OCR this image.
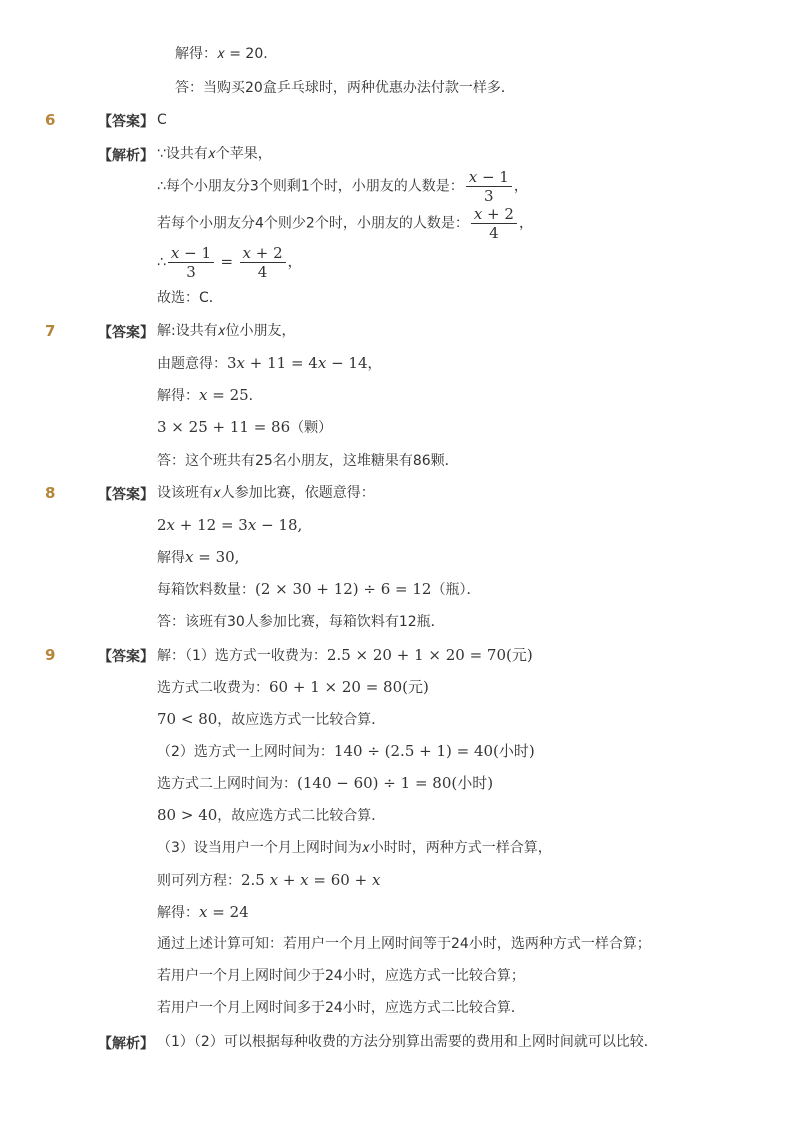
解得：𝑥 = 20.
答：当购买20盒乒乓球时，两种优惠办法付款一样多．
6	【答案】 C
【解析】 ∵设共有𝑥个苹果，
∴每个小朋友分3个则剩1个时，小朋友的人数是： $\frac{\text{𝑥 − 1}}{3}$ ，
若每个小朋友分4个则少2个时，小朋友的人数是： $\frac{\text{𝑥 + 2}}{4}$ ，
∴ $\frac{\text{𝑥 − 1}}{3} = \frac{\text{𝑥 + 2}}{4}$ ，
故选：C．
7	【答案】 解:设共有𝑥位小朋友，
由题意得：3𝑥 + 11 = 4𝑥 − 14，
解得：𝑥 = 25．
3 × 25 + 11 = 86（颗）
答：这个班共有25名小朋友，这堆糖果有86颗．
8	【答案】 设该班有𝑥人参加比赛，依题意得：
2𝑥 + 12 = 3𝑥 − 18,
解得𝑥 = 30,
每箱饮料数量：(2 × 30 + 12) ÷ 6 = 12（瓶）．
答：该班有30人参加比赛，每箱饮料有12瓶．
9	【答案】 解：（1）选方式一收费为：2.5 × 20 + 1 × 20 = 70(元)
选方式二收费为：60 + 1 × 20 = 80(元)
70 < 80，故应选方式一比较合算．
（2）选方式一上网时间为：140 ÷ (2.5 + 1) = 40(小时)
选方式二上网时间为：(140 − 60) ÷ 1 = 80(小时)
80 > 40，故应选方式二比较合算．
（3）设当用户一个月上网时间为𝑥小时时，两种方式一样合算，
则可列方程：2.5 𝑥 + 𝑥 = 60 + 𝑥
解得：𝑥 = 24
通过上述计算可知：若用户一个月上网时间等于24小时，选两种方式一样合算；
若用户一个月上网时间少于24小时，应选方式一比较合算；
若用户一个月上网时间多于24小时，应选方式二比较合算．
【解析】 （1）（2）可以根据每种收费的方法分别算出需要的费用和上网时间就可以比较．
